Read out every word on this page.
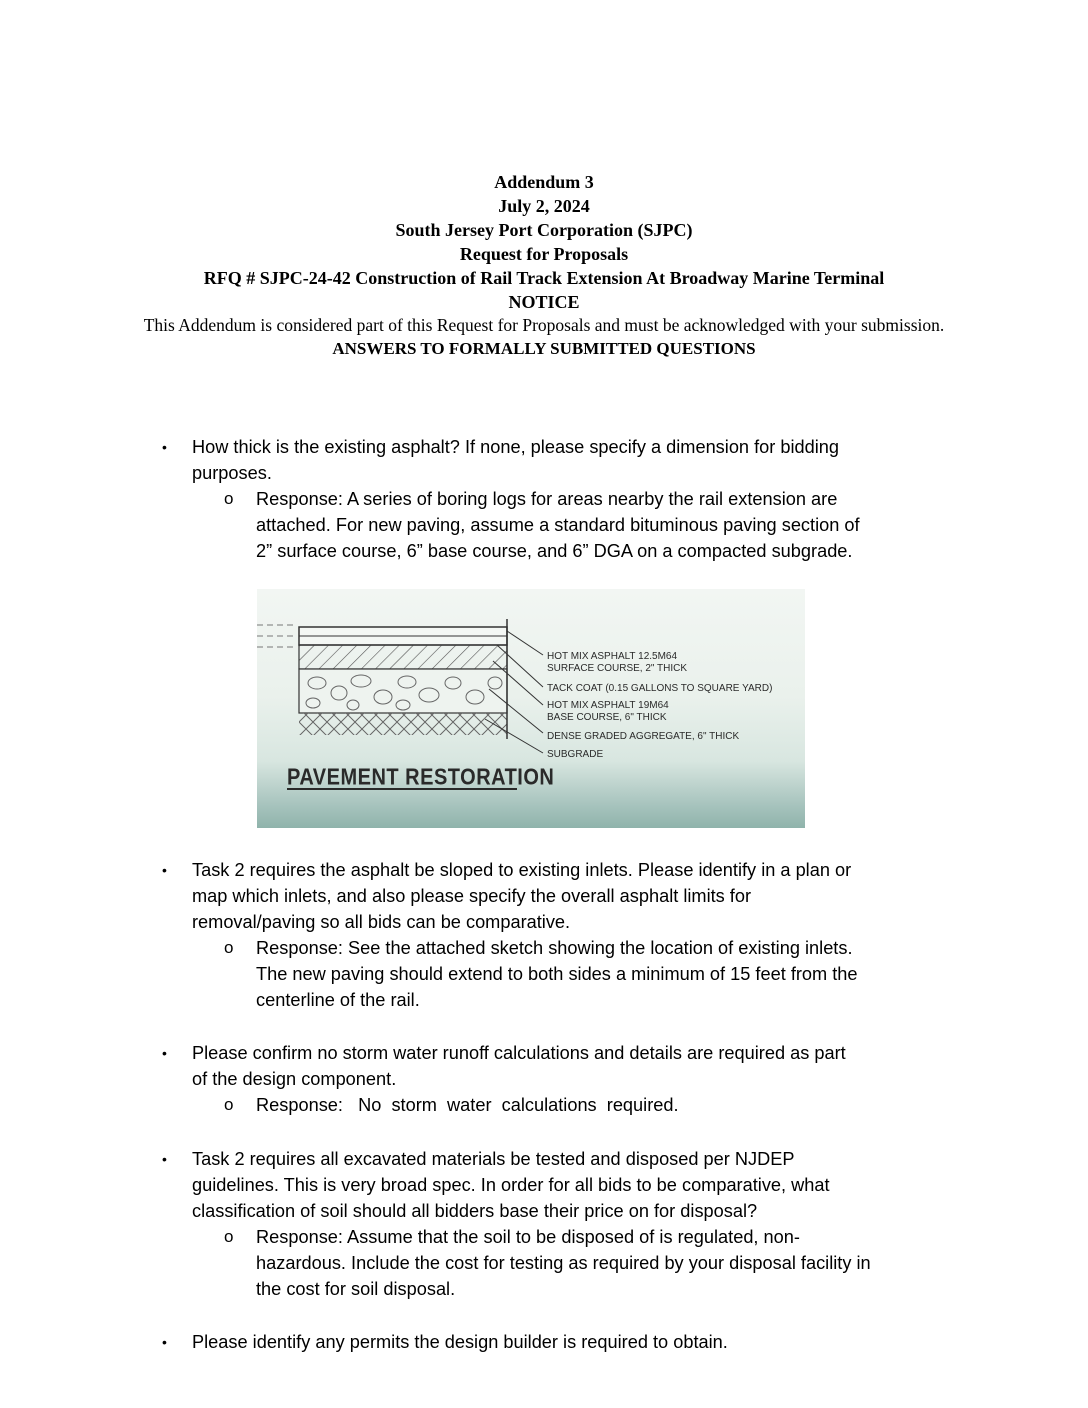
Addendum 3
July 2, 2024
South Jersey Port Corporation (SJPC)
Request for Proposals
RFQ # SJPC-24-42 Construction of Rail Track Extension At Broadway Marine Terminal
NOTICE
This Addendum is considered part of this Request for Proposals and must be acknowledged with your submission.
ANSWERS TO FORMALLY SUBMITTED QUESTIONS
• How thick is the existing asphalt? If none, please specify a dimension for bidding
purposes.
o Response: A series of boring logs for areas nearby the rail extension are
attached. For new paving, assume a standard bituminous paving section of
2” surface course, 6” base course, and 6” DGA on a compacted subgrade.
HOT MIX ASPHALT 12.5M64
SURFACE COURSE, 2" THICK
TACK COAT (0.15 GALLONS TO SQUARE YARD)
HOT MIX ASPHALT 19M64
BASE COURSE, 6" THICK
DENSE GRADED AGGREGATE, 6" THICK
SUBGRADE
PAVEMENT RESTORATION
• Task 2 requires the asphalt be sloped to existing inlets. Please identify in a plan or
map which inlets, and also please specify the overall asphalt limits for
removal/paving so all bids can be comparative.
o Response: See the attached sketch showing the location of existing inlets.
The new paving should extend to both sides a minimum of 15 feet from the
centerline of the rail.
• Please confirm no storm water runoff calculations and details are required as part
of the design component.
o Response:   No  storm  water  calculations  required.
• Task 2 requires all excavated materials be tested and disposed per NJDEP
guidelines. This is very broad spec. In order for all bids to be comparative, what
classification of soil should all bidders base their price on for disposal?
o Response: Assume that the soil to be disposed of is regulated, non-
hazardous. Include the cost for testing as required by your disposal facility in
the cost for soil disposal.
• Please identify any permits the design builder is required to obtain.
